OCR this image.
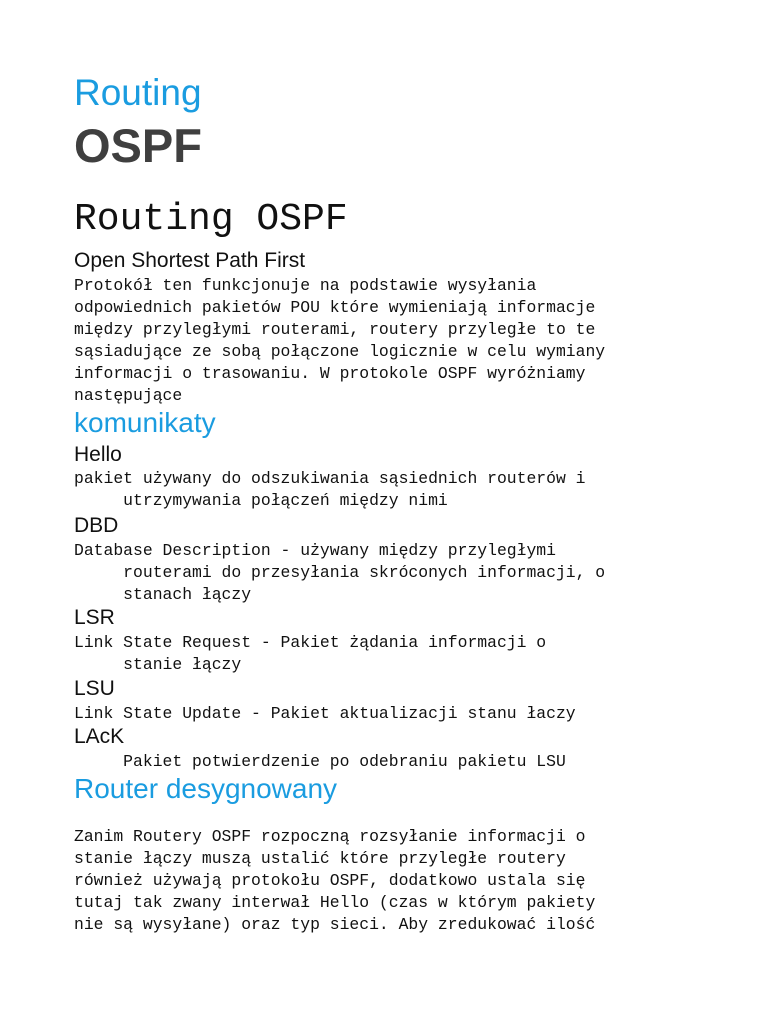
Routing
OSPF
Routing OSPF
Open Shortest Path First
Protokół ten funkcjonuje na podstawie wysyłania
odpowiednich pakietów POU które wymieniają informacje
między przyległymi routerami, routery przyległe to te
sąsiadujące ze sobą połączone logicznie w celu wymiany
informacji o trasowaniu. W protokole OSPF wyróżniamy
następujące
komunikaty
Hello
pakiet używany do odszukiwania sąsiednich routerów i
utrzymywania połączeń między nimi
DBD
Database Description - używany między przyległymi
routerami do przesyłania skróconych informacji, o
stanach łączy
LSR
Link State Request - Pakiet żądania informacji o
stanie łączy
LSU
Link State Update - Pakiet aktualizacji stanu łaczy
LAcK
Pakiet potwierdzenie po odebraniu pakietu LSU
Router desygnowany
Zanim Routery OSPF rozpoczną rozsyłanie informacji o
stanie łączy muszą ustalić które przyległe routery
również używają protokołu OSPF, dodatkowo ustala się
tutaj tak zwany interwał Hello (czas w którym pakiety
nie są wysyłane) oraz typ sieci. Aby zredukować ilość
